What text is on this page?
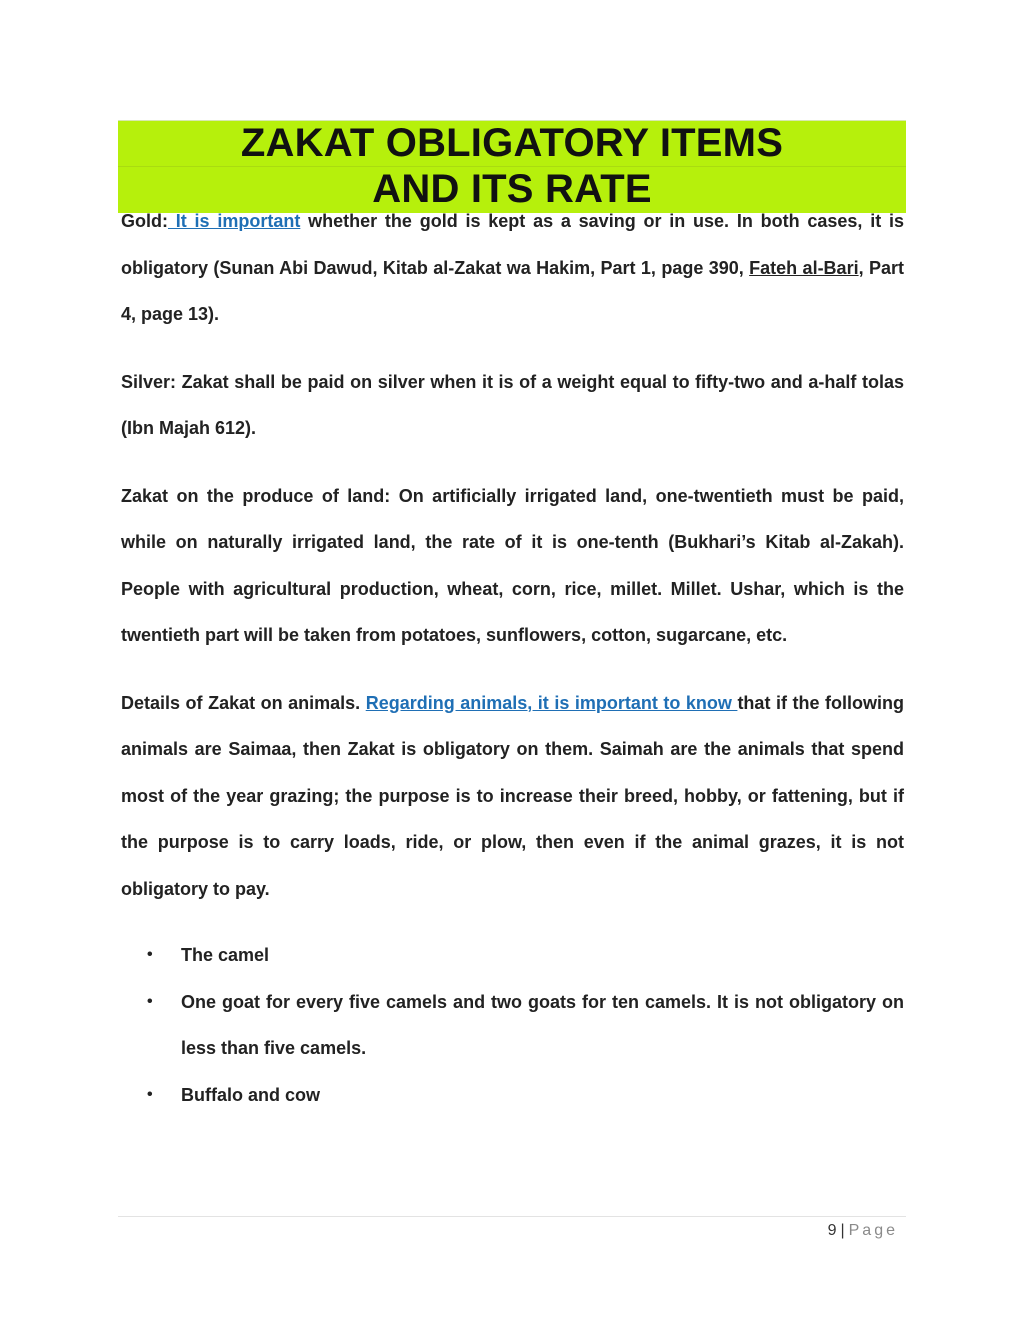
ZAKAT OBLIGATORY ITEMS
AND ITS RATE

Gold: It is important whether the gold is kept as a saving or in use. In both cases, it is obligatory (Sunan Abi Dawud, Kitab al-Zakat wa Hakim, Part 1, page 390, Fateh al-Bari, Part 4, page 13).

Silver: Zakat shall be paid on silver when it is of a weight equal to fifty-two and a-half tolas (Ibn Majah 612).

Zakat on the produce of land: On artificially irrigated land, one-twentieth must be paid, while on naturally irrigated land, the rate of it is one-tenth (Bukhari’s Kitab al-Zakah). People with agricultural production, wheat, corn, rice, millet. Millet. Ushar, which is the twentieth part will be taken from potatoes, sunflowers, cotton, sugarcane, etc.

Details of Zakat on animals. Regarding animals, it is important to know that if the following animals are Saimaa, then Zakat is obligatory on them. Saimah are the animals that spend most of the year grazing; the purpose is to increase their breed, hobby, or fattening, but if the purpose is to carry loads, ride, or plow, then even if the animal grazes, it is not obligatory to pay.

• The camel
• One goat for every five camels and two goats for ten camels. It is not obligatory on less than five camels.
• Buffalo and cow
9 | Page
